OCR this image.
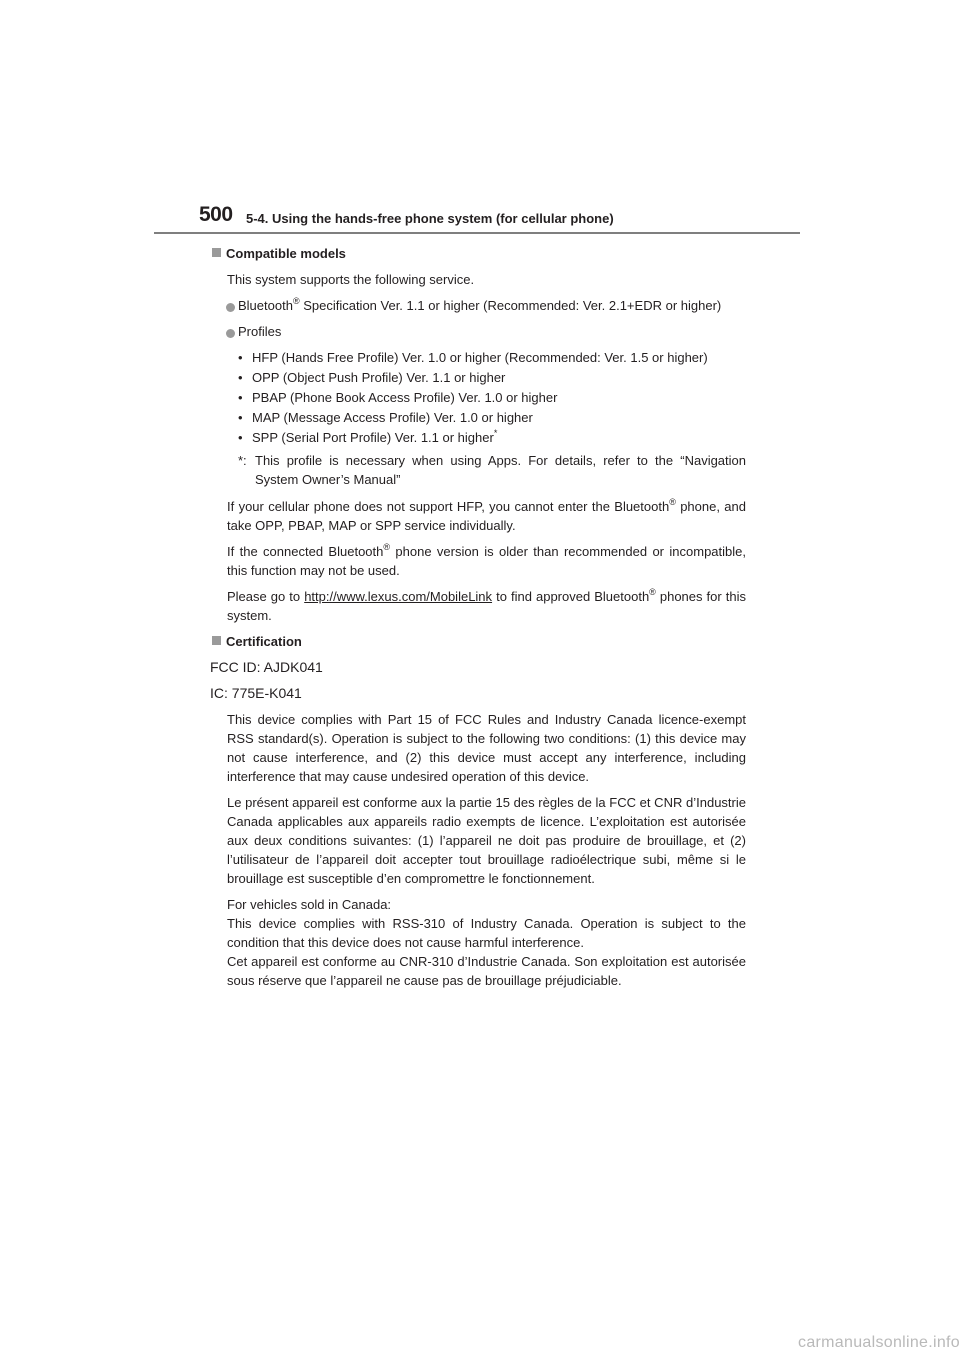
500 5-4. Using the hands-free phone system (for cellular phone)
Compatible models

This system supports the following service.

Bluetooth® Specification Ver. 1.1 or higher (Recommended: Ver. 2.1+EDR or higher)
Profiles
• HFP (Hands Free Profile) Ver. 1.0 or higher (Recommended: Ver. 1.5 or higher)
• OPP (Object Push Profile) Ver. 1.1 or higher
• PBAP (Phone Book Access Profile) Ver. 1.0 or higher
• MAP (Message Access Profile) Ver. 1.0 or higher
• SPP (Serial Port Profile) Ver. 1.1 or higher*
*: This profile is necessary when using Apps. For details, refer to the “Navigation System Owner’s Manual”

If your cellular phone does not support HFP, you cannot enter the Bluetooth® phone, and take OPP, PBAP, MAP or SPP service individually.

If the connected Bluetooth® phone version is older than recommended or incompatible, this function may not be used.

Please go to http://www.lexus.com/MobileLink to find approved Bluetooth® phones for this system.

Certification
FCC ID: AJDK041
IC: 775E-K041

This device complies with Part 15 of FCC Rules and Industry Canada licence-exempt RSS standard(s). Operation is subject to the following two conditions: (1) this device may not cause interference, and (2) this device must accept any interference, including interference that may cause undesired operation of this device.

Le présent appareil est conforme aux la partie 15 des règles de la FCC et CNR d’Industrie Canada applicables aux appareils radio exempts de licence. L’exploitation est autorisée aux deux conditions suivantes: (1) l’appareil ne doit pas produire de brouillage, et (2) l’utilisateur de l’appareil doit accepter tout brouillage radioélectrique subi, même si le brouillage est susceptible d’en compromettre le fonctionnement.

For vehicles sold in Canada:
This device complies with RSS-310 of Industry Canada. Operation is subject to the condition that this device does not cause harmful interference.
Cet appareil est conforme au CNR-310 d’Industrie Canada. Son exploitation est autorisée sous réserve que l’appareil ne cause pas de brouillage préjudiciable.

carmanualsonline.info
